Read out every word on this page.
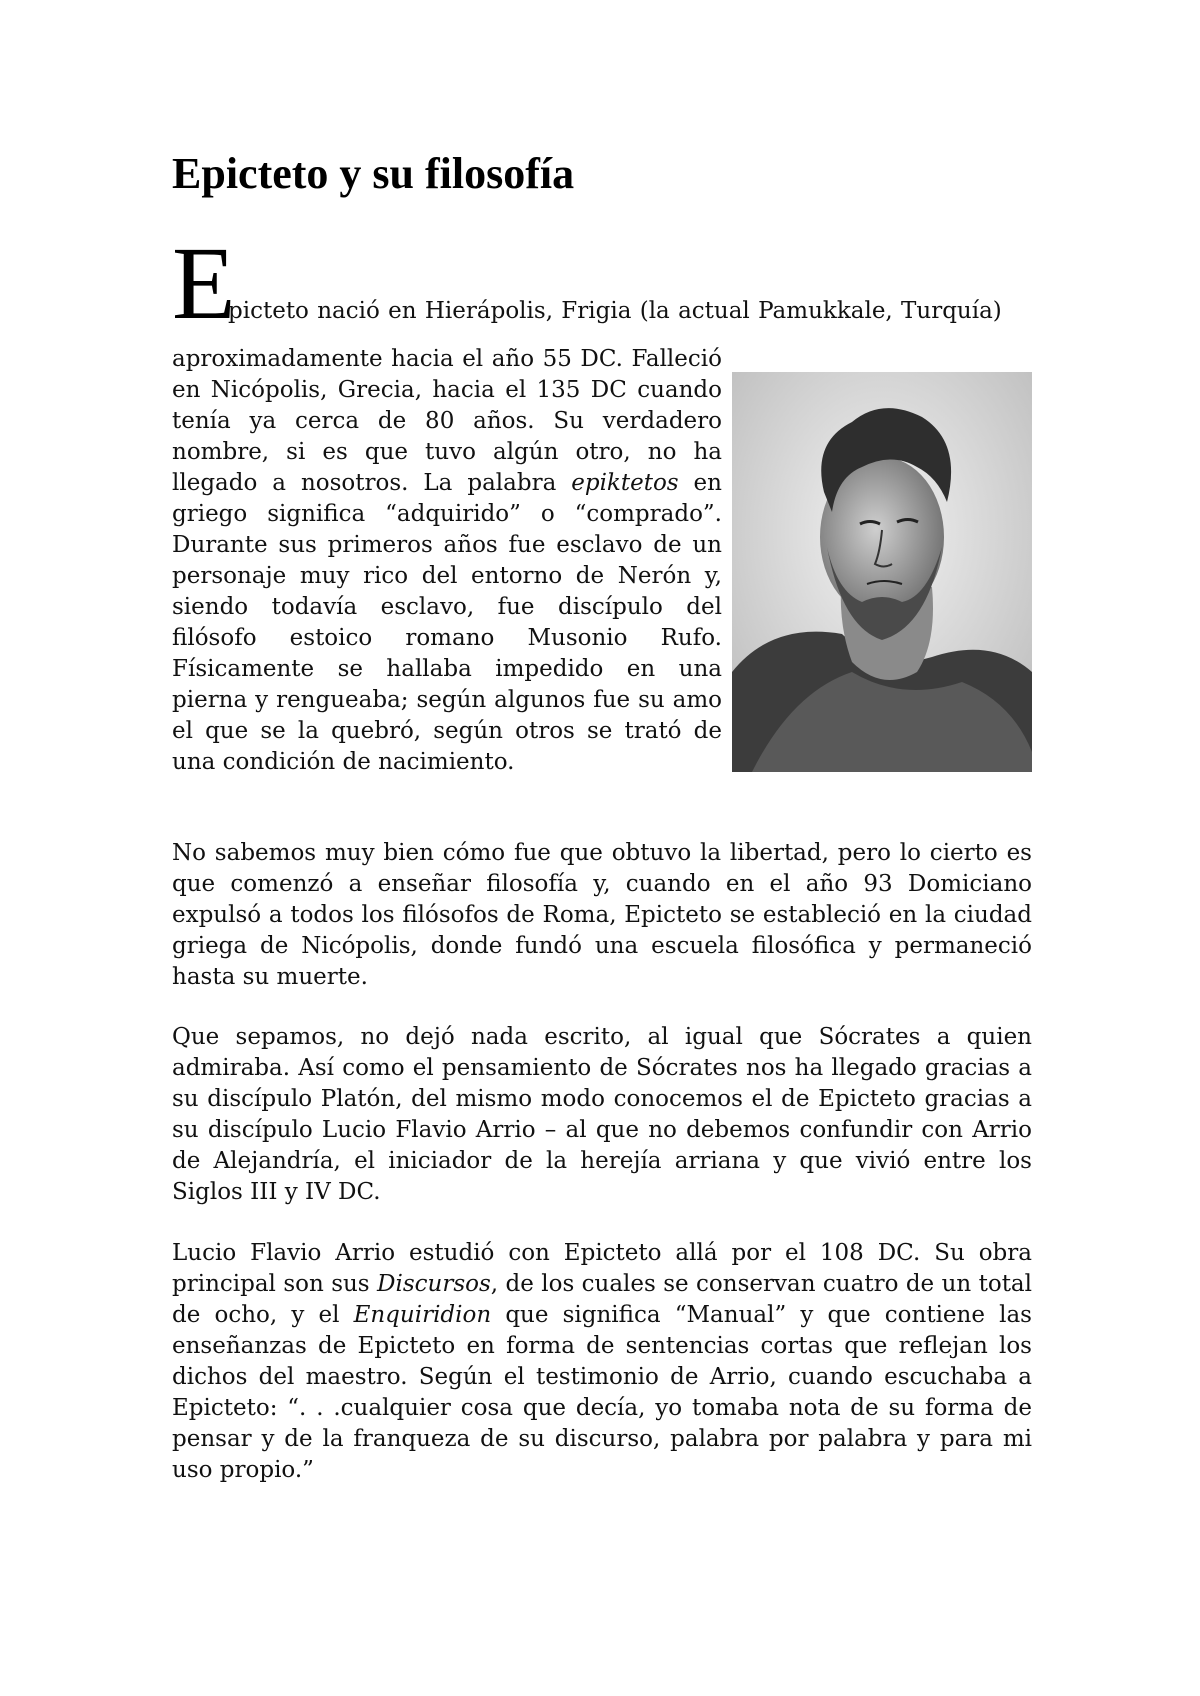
Epicteto y su filosofía
E
picteto nació en Hierápolis, Frigia (la actual Pamukkale, Turquía)

aproximadamente hacia el año 55 DC. Falleció en Nicópolis, Grecia, hacia el 135 DC cuando tenía ya cerca de 80 años. Su verdadero nombre, si es que tuvo algún otro, no ha llegado a nosotros. La palabra epiktetos en griego significa “adquirido” o “comprado”. Durante sus primeros años fue esclavo de un personaje muy rico del entorno de Nerón y, siendo todavía esclavo, fue discípulo del filósofo estoico romano Musonio Rufo. Físicamente se hallaba impedido en una pierna y rengueaba; según algunos fue su amo el que se la quebró, según otros se trató de una condición de nacimiento.

No sabemos muy bien cómo fue que obtuvo la libertad, pero lo cierto es que comenzó a enseñar filosofía y, cuando en el año 93 Domiciano expulsó a todos los filósofos de Roma, Epicteto se estableció en la ciudad griega de Nicópolis, donde fundó una escuela filosófica y permaneció hasta su muerte.

Que sepamos, no dejó nada escrito, al igual que Sócrates a quien admiraba. Así como el pensamiento de Sócrates nos ha llegado gracias a su discípulo Platón, del mismo modo conocemos el de Epicteto gracias a su discípulo Lucio Flavio Arrio – al que no debemos confundir con Arrio de Alejandría, el iniciador de la herejía arriana y que vivió entre los Siglos III y IV DC.

Lucio Flavio Arrio estudió con Epicteto allá por el 108 DC. Su obra principal son sus Discursos, de los cuales se conservan cuatro de un total de ocho, y el Enquiridion que significa “Manual” y que contiene las enseñanzas de Epicteto en forma de sentencias cortas que reflejan los dichos del maestro. Según el testimonio de Arrio, cuando escuchaba a Epicteto: “. . .cualquier cosa que decía, yo tomaba nota de su forma de pensar y de la franqueza de su discurso, palabra por palabra y para mi uso propio.”
